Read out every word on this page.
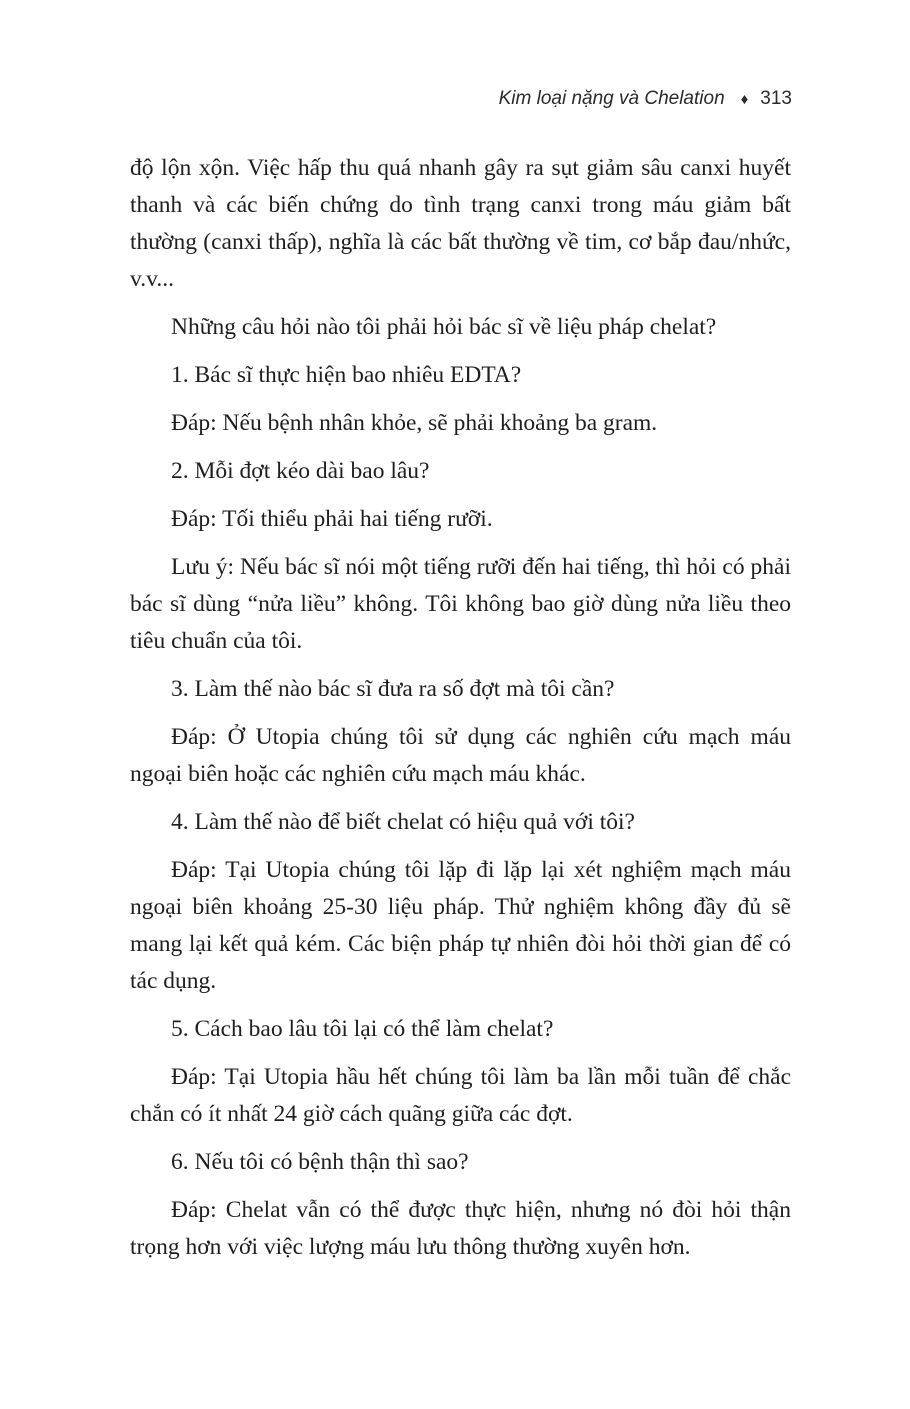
Kim loại nặng và Chelation ♦ 313

độ lộn xộn. Việc hấp thu quá nhanh gây ra sụt giảm sâu canxi huyết thanh và các biến chứng do tình trạng canxi trong máu giảm bất thường (canxi thấp), nghĩa là các bất thường về tim, cơ bắp đau/nhức, v.v...

Những câu hỏi nào tôi phải hỏi bác sĩ về liệu pháp chelat?

1. Bác sĩ thực hiện bao nhiêu EDTA?

Đáp: Nếu bệnh nhân khỏe, sẽ phải khoảng ba gram.

2. Mỗi đợt kéo dài bao lâu?

Đáp: Tối thiểu phải hai tiếng rưỡi.

Lưu ý: Nếu bác sĩ nói một tiếng rưỡi đến hai tiếng, thì hỏi có phải bác sĩ dùng “nửa liều” không. Tôi không bao giờ dùng nửa liều theo tiêu chuẩn của tôi.

3. Làm thế nào bác sĩ đưa ra số đợt mà tôi cần?

Đáp: Ở Utopia chúng tôi sử dụng các nghiên cứu mạch máu ngoại biên hoặc các nghiên cứu mạch máu khác.

4. Làm thế nào để biết chelat có hiệu quả với tôi?

Đáp: Tại Utopia chúng tôi lặp đi lặp lại xét nghiệm mạch máu ngoại biên khoảng 25-30 liệu pháp. Thử nghiệm không đầy đủ sẽ mang lại kết quả kém. Các biện pháp tự nhiên đòi hỏi thời gian để có tác dụng.

5. Cách bao lâu tôi lại có thể làm chelat?

Đáp: Tại Utopia hầu hết chúng tôi làm ba lần mỗi tuần để chắc chắn có ít nhất 24 giờ cách quãng giữa các đợt.

6. Nếu tôi có bệnh thận thì sao?

Đáp: Chelat vẫn có thể được thực hiện, nhưng nó đòi hỏi thận trọng hơn với việc lượng máu lưu thông thường xuyên hơn.
